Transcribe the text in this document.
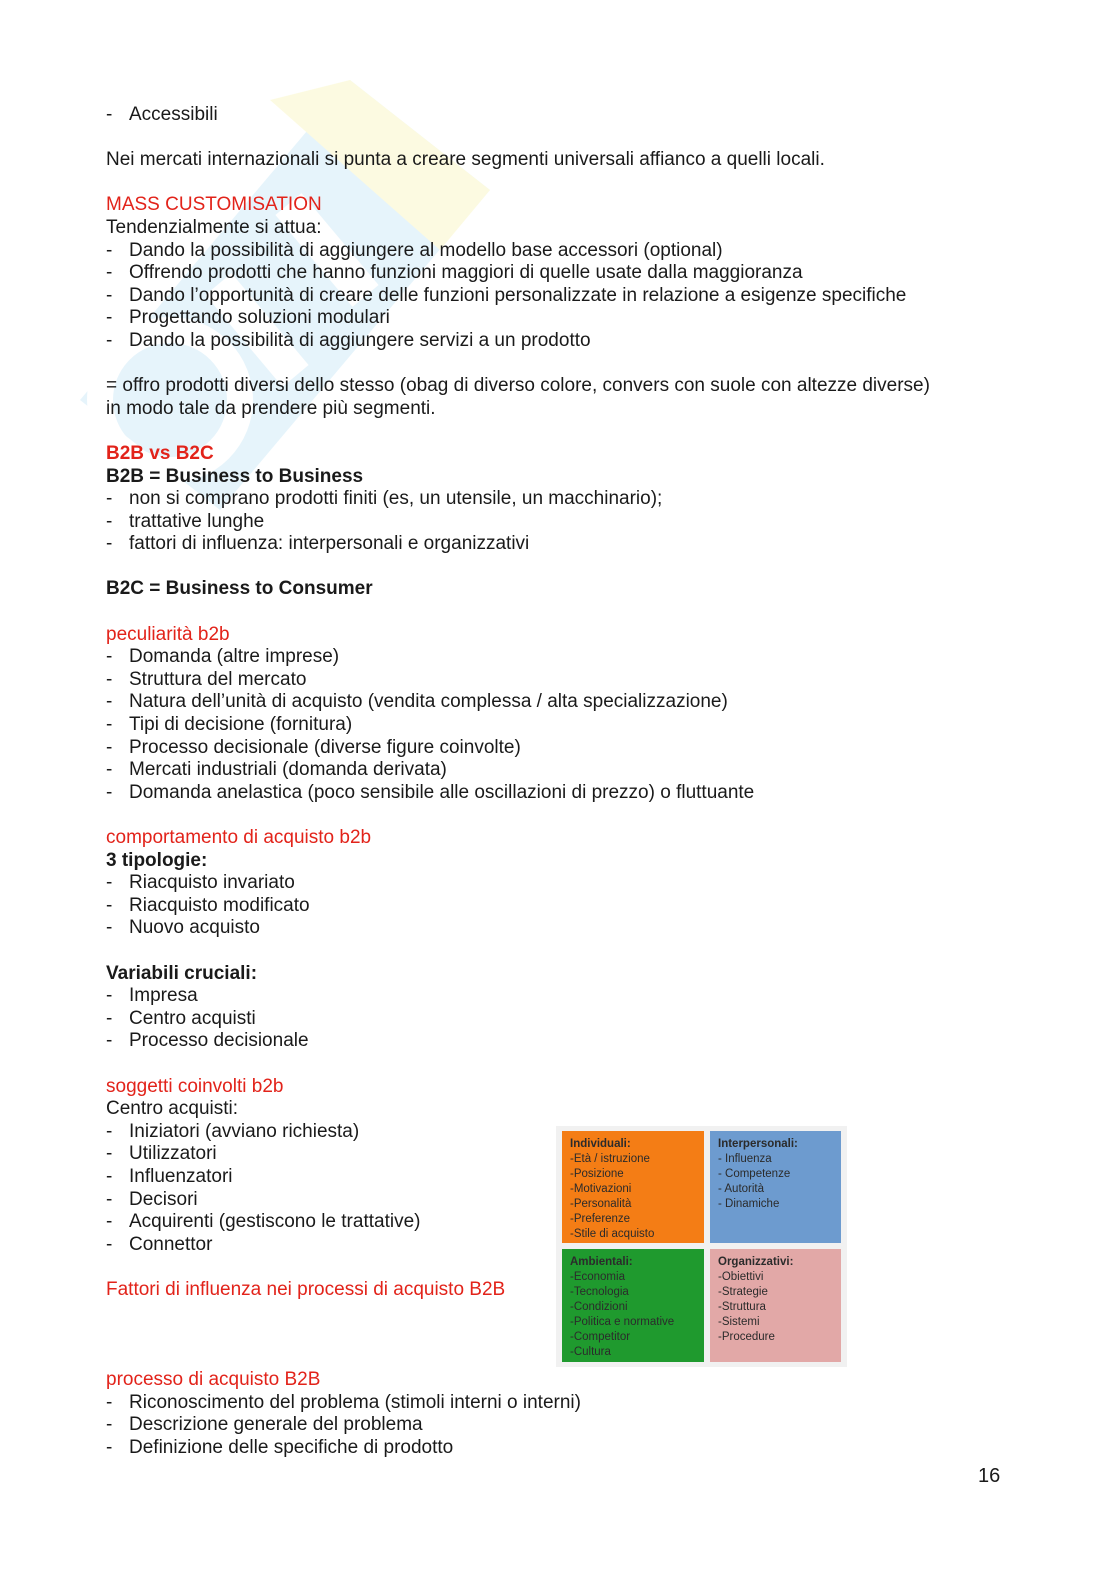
- Accessibili

Nei mercati internazionali si punta a creare segmenti universali affianco a quelli locali.

MASS CUSTOMISATION

Tendenzialmente si attua:

- Dando la possibilità di aggiungere al modello base accessori (optional)
- Offrendo prodotti che hanno funzioni maggiori di quelle usate dalla maggioranza
- Dando l’opportunità di creare delle funzioni personalizzate in relazione a esigenze specifiche
- Progettando soluzioni modulari
- Dando la possibilità di aggiungere servizi a un prodotto

= offro prodotti diversi dello stesso (obag di diverso colore, convers con suole con altezze diverse)

in modo tale da prendere più segmenti.

B2B vs B2C

B2B = Business to Business

- non si comprano prodotti finiti (es, un utensile, un macchinario);
- trattative lunghe
- fattori di influenza: interpersonali e organizzativi

B2C = Business to Consumer

peculiarità b2b

- Domanda (altre imprese)
- Struttura del mercato
- Natura dell’unità di acquisto (vendita complessa / alta specializzazione)
- Tipi di decisione (fornitura)
- Processo decisionale (diverse figure coinvolte)
- Mercati industriali (domanda derivata)
- Domanda anelastica (poco sensibile alle oscillazioni di prezzo) o fluttuante

comportamento di acquisto b2b

3 tipologie:

- Riacquisto invariato
- Riacquisto modificato
- Nuovo acquisto

Variabili cruciali:

- Impresa
- Centro acquisti
- Processo decisionale

soggetti coinvolti b2b

Centro acquisti:

- Iniziatori (avviano richiesta)
- Utilizzatori
- Influenzatori
- Decisori
- Acquirenti (gestiscono le trattative)
- Connettor

Fattori di influenza nei processi di acquisto B2B

processo di acquisto B2B

- Riconoscimento del problema (stimoli interni o interni)
- Descrizione generale del problema
- Definizione delle specifiche di prodotto
Individuali:
-Età / istruzione
-Posizione
-Motivazioni
-Personalità
-Preferenze
-Stile di acquisto
Interpersonali:
- Influenza
- Competenze
- Autorità
- Dinamiche
Ambientali:
-Economia
-Tecnologia
-Condizioni
-Politica e normative
-Competitor
-Cultura
Organizzativi:
-Obiettivi
-Strategie
-Struttura
-Sistemi
-Procedure
16
